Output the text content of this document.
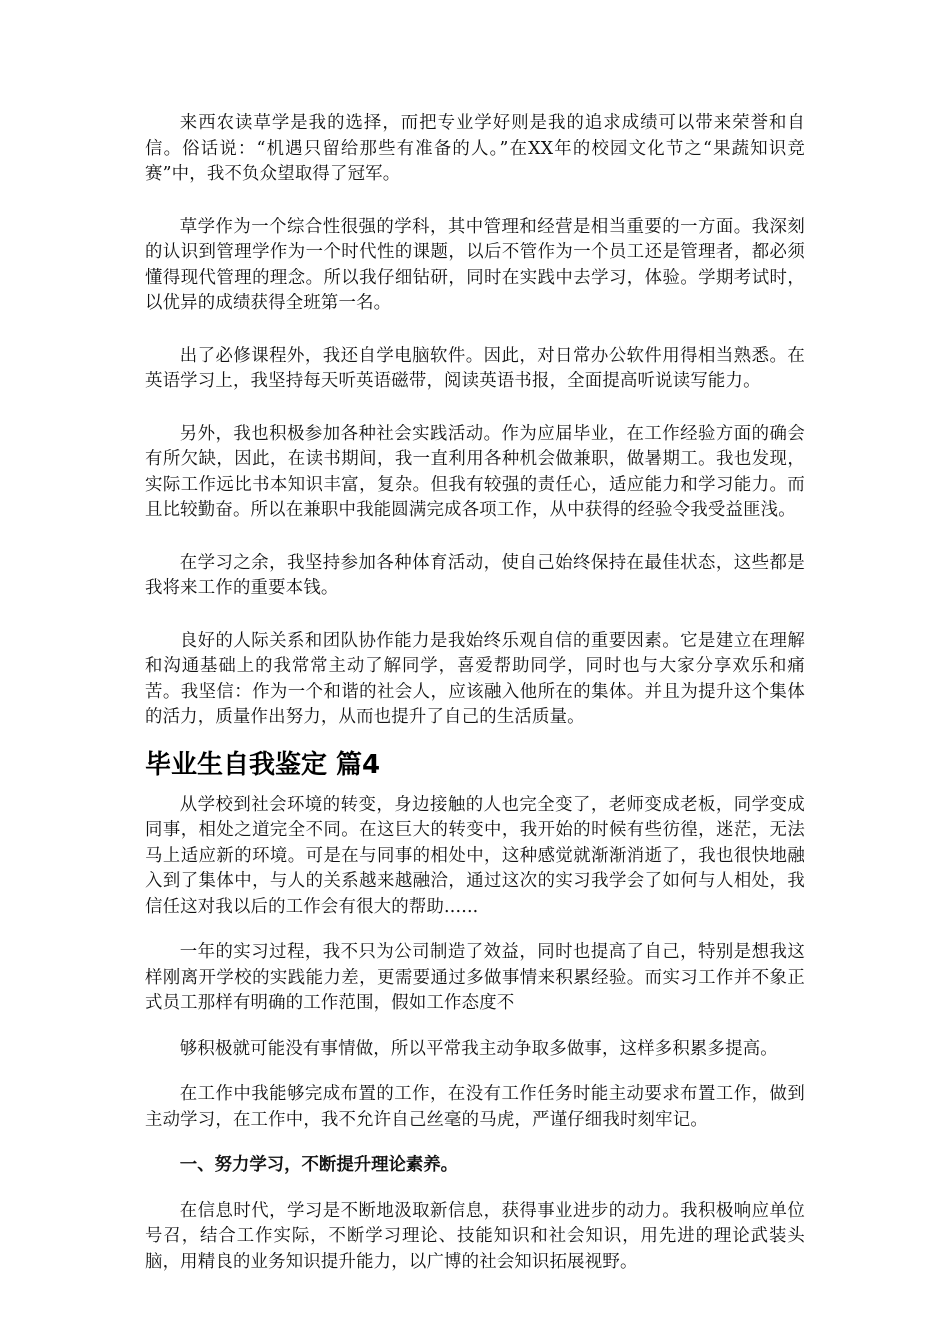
来西农读草学是我的选择，而把专业学好则是我的追求成绩可以带来荣誉和自信。俗话说：“机遇只留给那些有准备的人。”在XX年的校园文化节之“果蔬知识竞赛”中，我不负众望取得了冠军。

草学作为一个综合性很强的学科，其中管理和经营是相当重要的一方面。我深刻的认识到管理学作为一个时代性的课题，以后不管作为一个员工还是管理者，都必须懂得现代管理的理念。所以我仔细钻研，同时在实践中去学习，体验。学期考试时，以优异的成绩获得全班第一名。

出了必修课程外，我还自学电脑软件。因此，对日常办公软件用得相当熟悉。在英语学习上，我坚持每天听英语磁带，阅读英语书报，全面提高听说读写能力。

另外，我也积极参加各种社会实践活动。作为应届毕业，在工作经验方面的确会有所欠缺，因此，在读书期间，我一直利用各种机会做兼职，做暑期工。我也发现，实际工作远比书本知识丰富，复杂。但我有较强的责任心，适应能力和学习能力。而且比较勤奋。所以在兼职中我能圆满完成各项工作，从中获得的经验令我受益匪浅。

在学习之余，我坚持参加各种体育活动，使自己始终保持在最佳状态，这些都是我将来工作的重要本钱。

良好的人际关系和团队协作能力是我始终乐观自信的重要因素。它是建立在理解和沟通基础上的我常常主动了解同学，喜爱帮助同学，同时也与大家分享欢乐和痛苦。我坚信：作为一个和谐的社会人，应该融入他所在的集体。并且为提升这个集体的活力，质量作出努力，从而也提升了自己的生活质量。

毕业生自我鉴定 篇4

从学校到社会环境的转变，身边接触的人也完全变了，老师变成老板，同学变成同事，相处之道完全不同。在这巨大的转变中，我开始的时候有些彷徨，迷茫，无法马上适应新的环境。可是在与同事的相处中，这种感觉就渐渐消逝了，我也很快地融入到了集体中，与人的关系越来越融洽，通过这次的实习我学会了如何与人相处，我信任这对我以后的工作会有很大的帮助......

一年的实习过程，我不只为公司制造了效益，同时也提高了自己，特别是想我这样刚离开学校的实践能力差，更需要通过多做事情来积累经验。而实习工作并不象正式员工那样有明确的工作范围，假如工作态度不

够积极就可能没有事情做，所以平常我主动争取多做事，这样多积累多提高。

在工作中我能够完成布置的工作，在没有工作任务时能主动要求布置工作，做到主动学习，在工作中，我不允许自己丝毫的马虎，严谨仔细我时刻牢记。

一、努力学习，不断提升理论素养。

在信息时代，学习是不断地汲取新信息，获得事业进步的动力。我积极响应单位号召，结合工作实际，不断学习理论、技能知识和社会知识，用先进的理论武装头脑，用精良的业务知识提升能力，以广博的社会知识拓展视野。
